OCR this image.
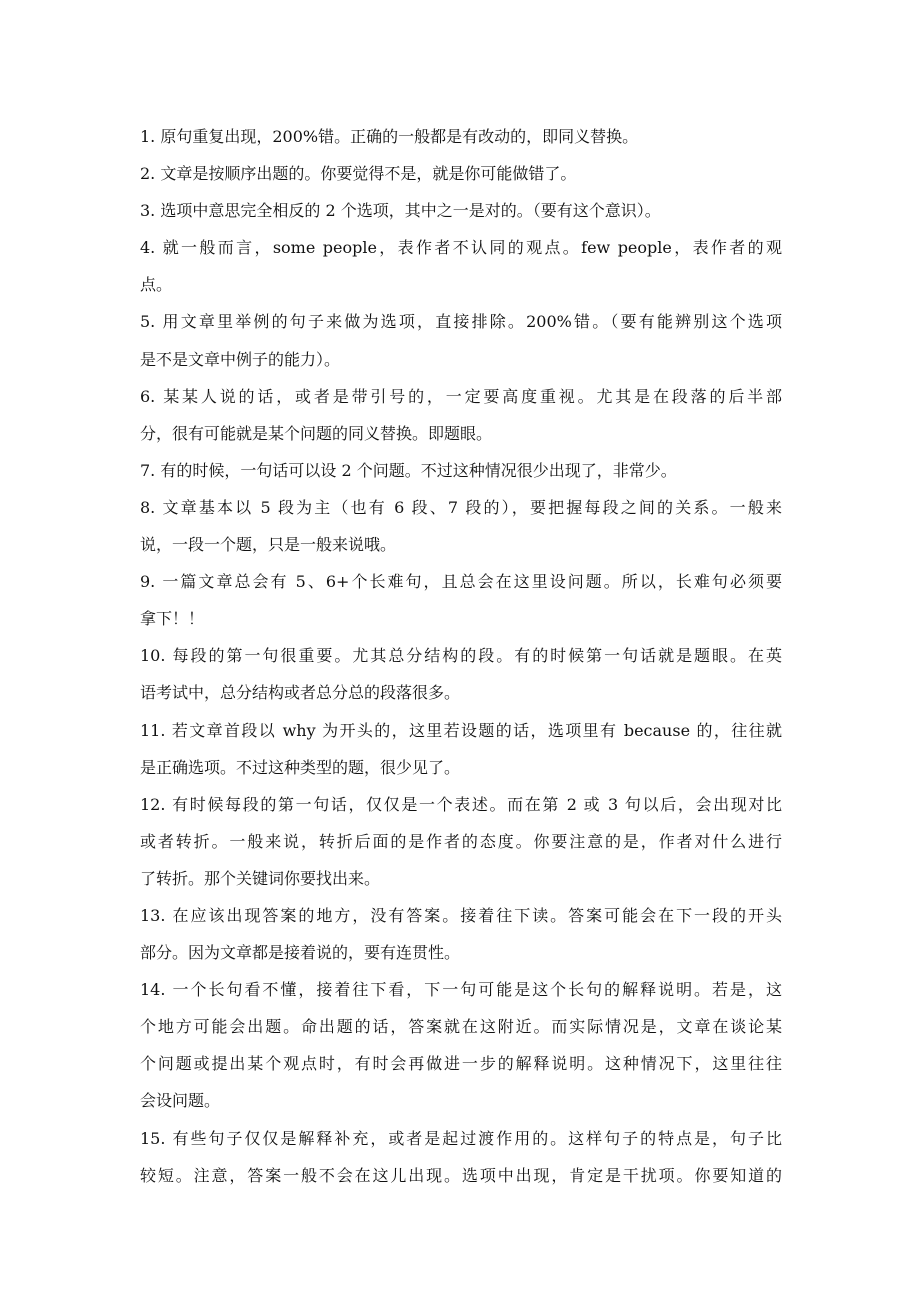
1. 原句重复出现，200%错。正确的一般都是有改动的，即同义替换。
2. 文章是按顺序出题的。你要觉得不是，就是你可能做错了。
3. 选项中意思完全相反的 2 个选项，其中之一是对的。（要有这个意识）。
4. 就一般而言，some people，表作者不认同的观点。few people，表作者的观
点。
5. 用文章里举例的句子来做为选项，直接排除。200%错。（要有能辨别这个选项
是不是文章中例子的能力）。
6. 某某人说的话，或者是带引号的，一定要高度重视。尤其是在段落的后半部
分，很有可能就是某个问题的同义替换。即题眼。
7. 有的时候，一句话可以设 2 个问题。不过这种情况很少出现了，非常少。
8. 文章基本以 5 段为主（也有 6 段、7 段的），要把握每段之间的关系。一般来
说，一段一个题，只是一般来说哦。
9. 一篇文章总会有 5、6+个长难句，且总会在这里设问题。所以，长难句必须要
拿下！！
10. 每段的第一句很重要。尤其总分结构的段。有的时候第一句话就是题眼。在英
语考试中，总分结构或者总分总的段落很多。
11. 若文章首段以 why 为开头的，这里若设题的话，选项里有 because 的，往往就
是正确选项。不过这种类型的题，很少见了。
12. 有时候每段的第一句话，仅仅是一个表述。而在第 2 或 3 句以后，会出现对比
或者转折。一般来说，转折后面的是作者的态度。你要注意的是，作者对什么进行
了转折。那个关键词你要找出来。
13. 在应该出现答案的地方，没有答案。接着往下读。答案可能会在下一段的开头
部分。因为文章都是接着说的，要有连贯性。
14. 一个长句看不懂，接着往下看，下一句可能是这个长句的解释说明。若是，这
个地方可能会出题。命出题的话，答案就在这附近。而实际情况是，文章在谈论某
个问题或提出某个观点时，有时会再做进一步的解释说明。这种情况下，这里往往
会设问题。
15. 有些句子仅仅是解释补充，或者是起过渡作用的。这样句子的特点是，句子比
较短。注意，答案一般不会在这儿出现。选项中出现，肯定是干扰项。你要知道的
